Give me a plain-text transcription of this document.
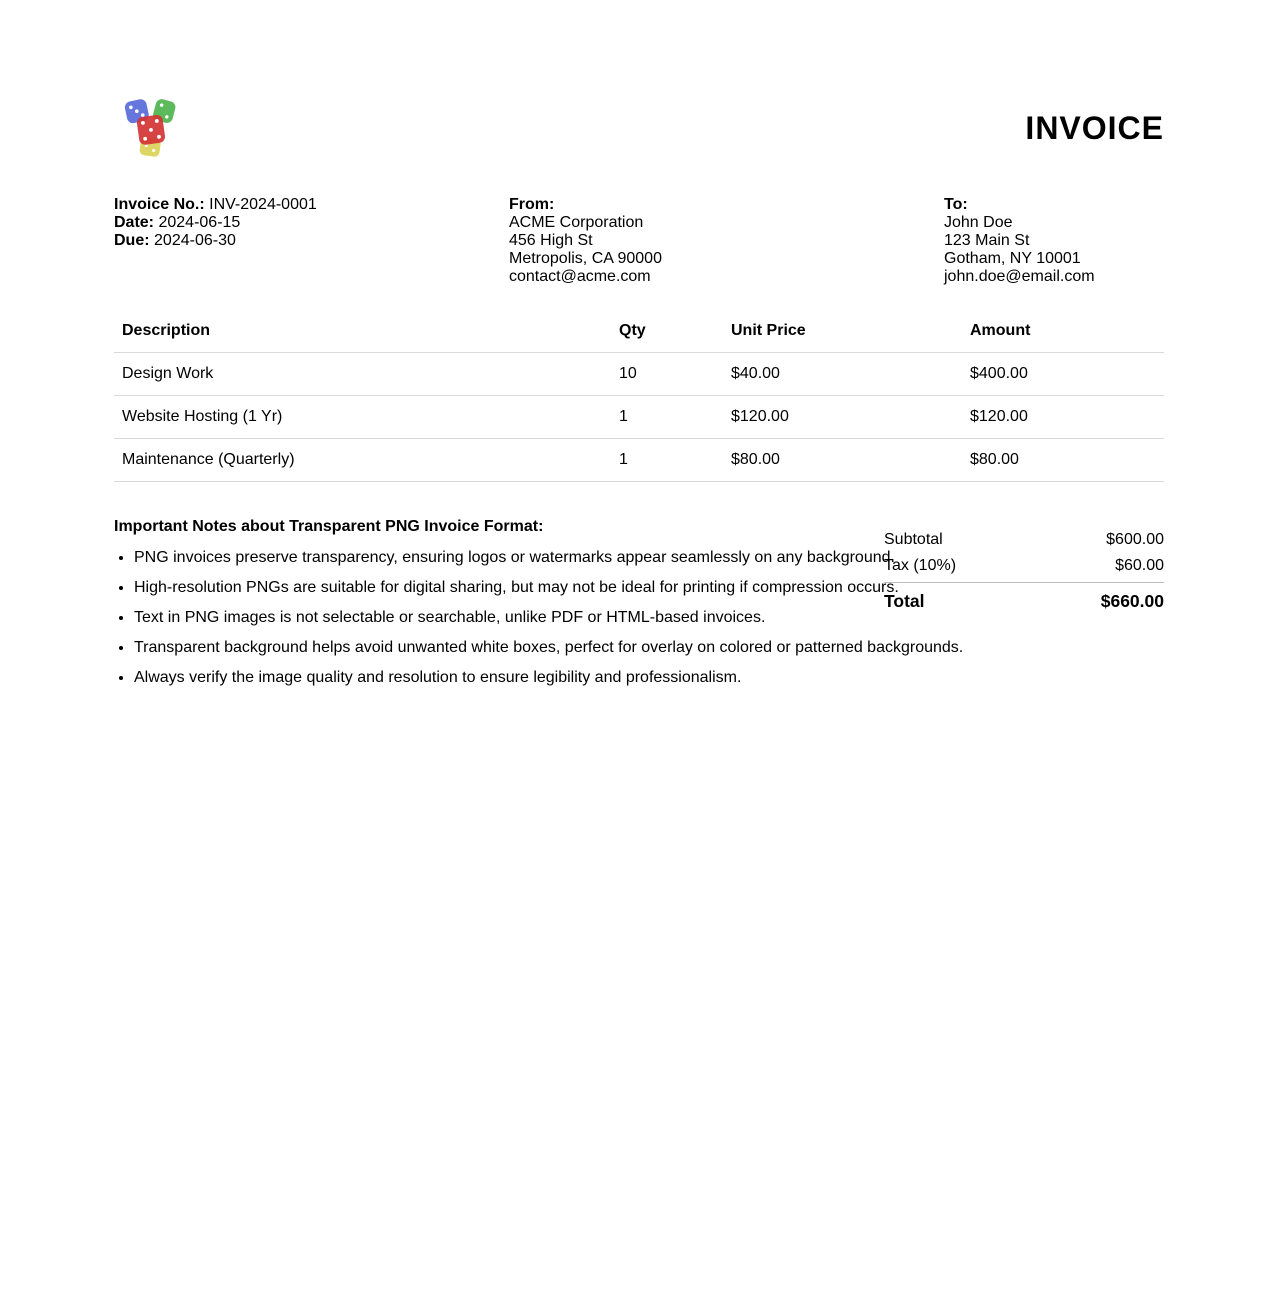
INVOICE
Invoice No.: INV-2024-0001
Date: 2024-06-15
Due: 2024-06-30
From:
ACME Corporation
456 High St
Metropolis, CA 90000
contact@acme.com
To:
John Doe
123 Main St
Gotham, NY 10001
john.doe@email.com
Description	Qty	Unit Price	Amount
Design Work	10	$40.00	$400.00
Website Hosting (1 Yr)	1	$120.00	$120.00
Maintenance (Quarterly)	1	$80.00	$80.00
Important Notes about Transparent PNG Invoice Format:
• PNG invoices preserve transparency, ensuring logos or watermarks appear seamlessly on any background.
• High-resolution PNGs are suitable for digital sharing, but may not be ideal for printing if compression occurs.
• Text in PNG images is not selectable or searchable, unlike PDF or HTML-based invoices.
• Transparent background helps avoid unwanted white boxes, perfect for overlay on colored or patterned backgrounds.
• Always verify the image quality and resolution to ensure legibility and professionalism.
Subtotal	$600.00
Tax (10%)	$60.00
Total	$660.00
